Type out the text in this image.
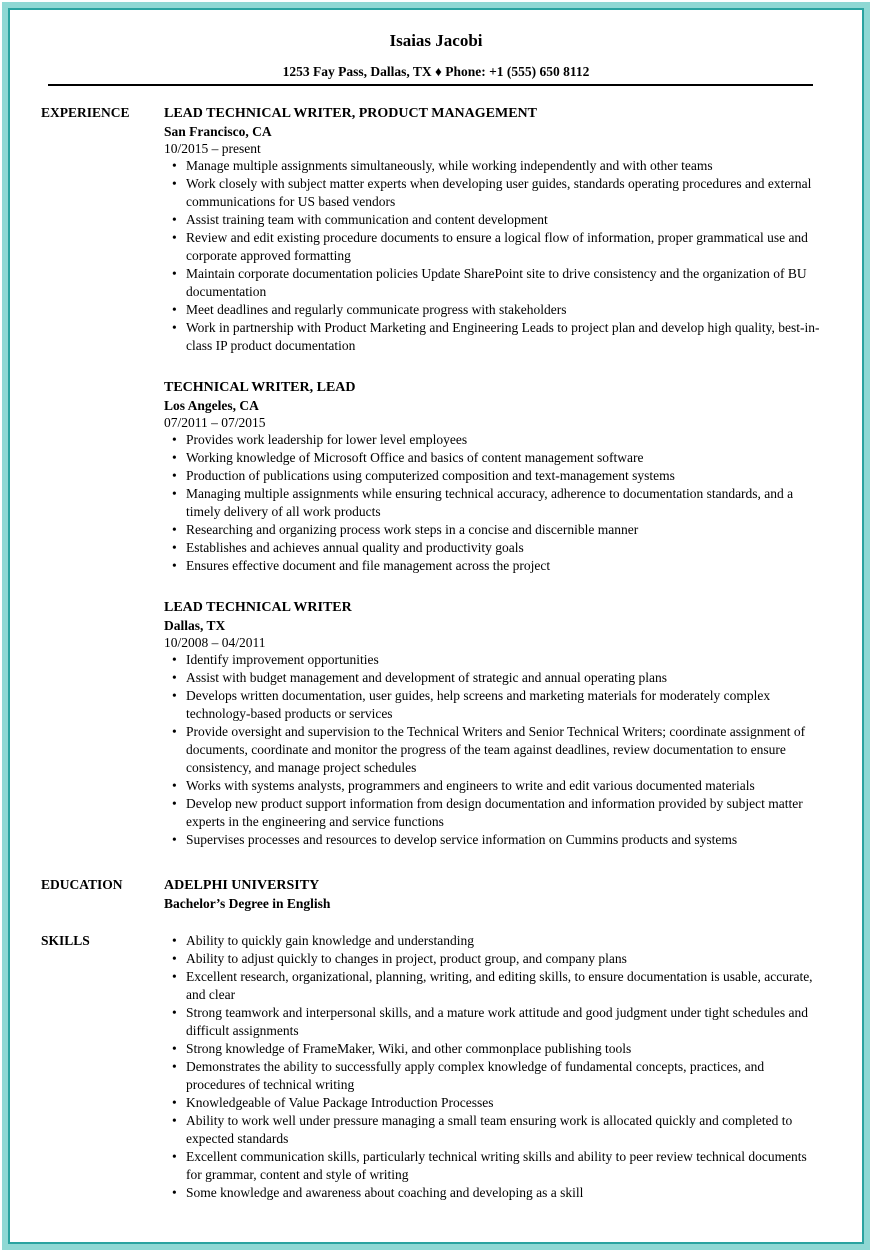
Isaias Jacobi
1253 Fay Pass, Dallas, TX ♦ Phone: +1 (555) 650 8112
EXPERIENCE LEAD TECHNICAL WRITER, PRODUCT MANAGEMENT
San Francisco, CA
10/2015 – present
• Manage multiple assignments simultaneously, while working independently and with other teams
• Work closely with subject matter experts when developing user guides, standards operating procedures and external communications for US based vendors
• Assist training team with communication and content development
• Review and edit existing procedure documents to ensure a logical flow of information, proper grammatical use and corporate approved formatting
• Maintain corporate documentation policies Update SharePoint site to drive consistency and the organization of BU documentation
• Meet deadlines and regularly communicate progress with stakeholders
• Work in partnership with Product Marketing and Engineering Leads to project plan and develop high quality, best-in-class IP product documentation
TECHNICAL WRITER, LEAD
Los Angeles, CA
07/2011 – 07/2015
• Provides work leadership for lower level employees
• Working knowledge of Microsoft Office and basics of content management software
• Production of publications using computerized composition and text-management systems
• Managing multiple assignments while ensuring technical accuracy, adherence to documentation standards, and a timely delivery of all work products
• Researching and organizing process work steps in a concise and discernible manner
• Establishes and achieves annual quality and productivity goals
• Ensures effective document and file management across the project
LEAD TECHNICAL WRITER
Dallas, TX
10/2008 – 04/2011
• Identify improvement opportunities
• Assist with budget management and development of strategic and annual operating plans
• Develops written documentation, user guides, help screens and marketing materials for moderately complex technology-based products or services
• Provide oversight and supervision to the Technical Writers and Senior Technical Writers; coordinate assignment of documents, coordinate and monitor the progress of the team against deadlines, review documentation to ensure consistency, and manage project schedules
• Works with systems analysts, programmers and engineers to write and edit various documented materials
• Develop new product support information from design documentation and information provided by subject matter experts in the engineering and service functions
• Supervises processes and resources to develop service information on Cummins products and systems
EDUCATION	ADELPHI UNIVERSITY
Bachelor’s Degree in English
SKILLS
•	Ability to quickly gain knowledge and understanding
• Ability to adjust quickly to changes in project, product group, and company plans
• Excellent research, organizational, planning, writing, and editing skills, to ensure documentation is usable, accurate, and clear
• Strong teamwork and interpersonal skills, and a mature work attitude and good judgment under tight schedules and difficult assignments
• Strong knowledge of FrameMaker, Wiki, and other commonplace publishing tools
• Demonstrates the ability to successfully apply complex knowledge of fundamental concepts, practices, and procedures of technical writing
• Knowledgeable of Value Package Introduction Processes
• Ability to work well under pressure managing a small team ensuring work is allocated quickly and completed to expected standards
• Excellent communication skills, particularly technical writing skills and ability to peer review technical documents for grammar, content and style of writing
• Some knowledge and awareness about coaching and developing as a skill
